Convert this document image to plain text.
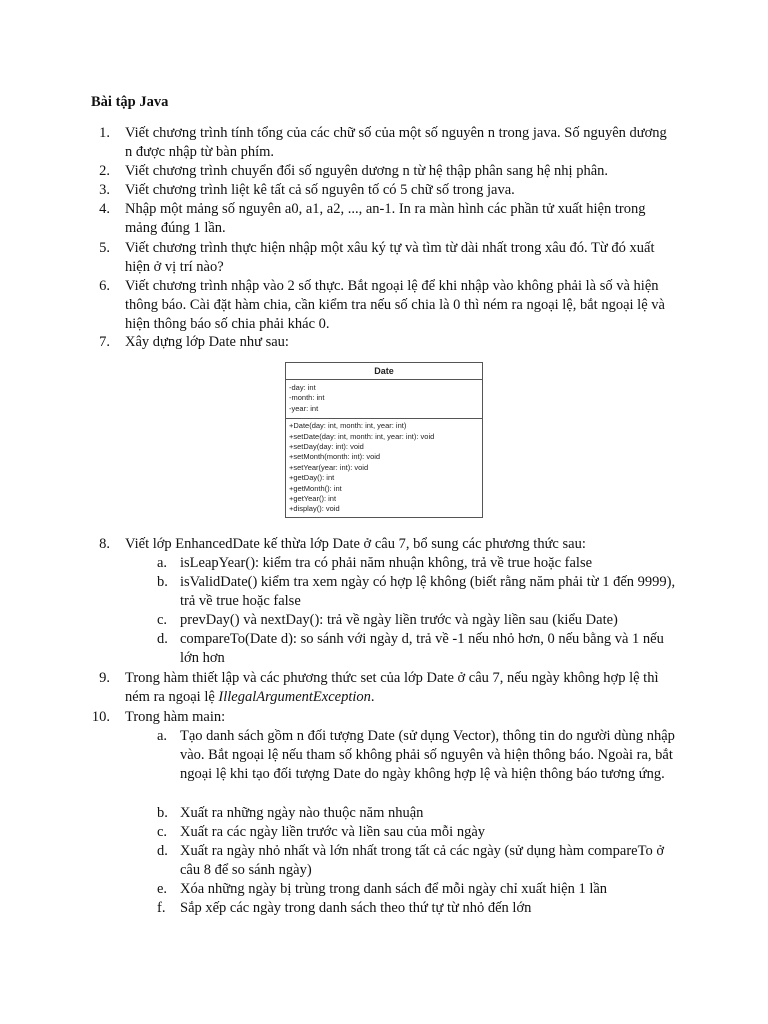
Bài tập Java
1. Viết chương trình tính tổng của các chữ số của một số nguyên n trong java. Số nguyên dương n được nhập từ bàn phím.
2. Viết chương trình chuyển đổi số nguyên dương n từ hệ thập phân sang hệ nhị phân.
3. Viết chương trình liệt kê tất cả số nguyên tố có 5 chữ số trong java.
4. Nhập một mảng số nguyên a0, a1, a2, ..., an-1. In ra màn hình các phần tử xuất hiện trong mảng đúng 1 lần.
5. Viết chương trình thực hiện nhập một xâu ký tự và tìm từ dài nhất trong xâu đó. Từ đó xuất hiện ở vị trí nào?
6. Viết chương trình nhập vào 2 số thực. Bắt ngoại lệ để khi nhập vào không phải là số và hiện thông báo. Cài đặt hàm chia, cần kiểm tra nếu số chia là 0 thì ném ra ngoại lệ, bắt ngoại lệ và hiện thông báo số chia phải khác 0.
7. Xây dựng lớp Date như sau:
Date
-day: int
-month: int
-year: int
+Date(day: int, month: int, year: int)
+setDate(day: int, month: int, year: int): void
+setDay(day: int): void
+setMonth(month: int): void
+setYear(year: int): void
+getDay(): int
+getMonth(): int
+getYear(): int
+display(): void
8. Viết lớp EnhancedDate kế thừa lớp Date ở câu 7, bổ sung các phương thức sau:
a. isLeapYear(): kiểm tra có phải năm nhuận không, trả về true hoặc false
b. isValidDate() kiểm tra xem ngày có hợp lệ không (biết rằng năm phải từ 1 đến 9999), trả về true hoặc false
c. prevDay() và nextDay(): trả về ngày liền trước và ngày liền sau (kiểu Date)
d. compareTo(Date d): so sánh với ngày d, trả về -1 nếu nhỏ hơn, 0 nếu bằng và 1 nếu lớn hơn
9. Trong hàm thiết lập và các phương thức set của lớp Date ở câu 7, nếu ngày không hợp lệ thì ném ra ngoại lệ IllegalArgumentException.
10. Trong hàm main:
a. Tạo danh sách gồm n đối tượng Date (sử dụng Vector), thông tin do người dùng nhập vào. Bắt ngoại lệ nếu tham số không phải số nguyên và hiện thông báo. Ngoài ra, bắt ngoại lệ khi tạo đối tượng Date do ngày không hợp lệ và hiện thông báo tương ứng.
b. Xuất ra những ngày nào thuộc năm nhuận
c. Xuất ra các ngày liền trước và liền sau của mỗi ngày
d. Xuất ra ngày nhỏ nhất và lớn nhất trong tất cả các ngày (sử dụng hàm compareTo ở câu 8 để so sánh ngày)
e. Xóa những ngày bị trùng trong danh sách để mỗi ngày chỉ xuất hiện 1 lần
f.	Sắp xếp các ngày trong danh sách theo thứ tự từ nhỏ đến lớn
